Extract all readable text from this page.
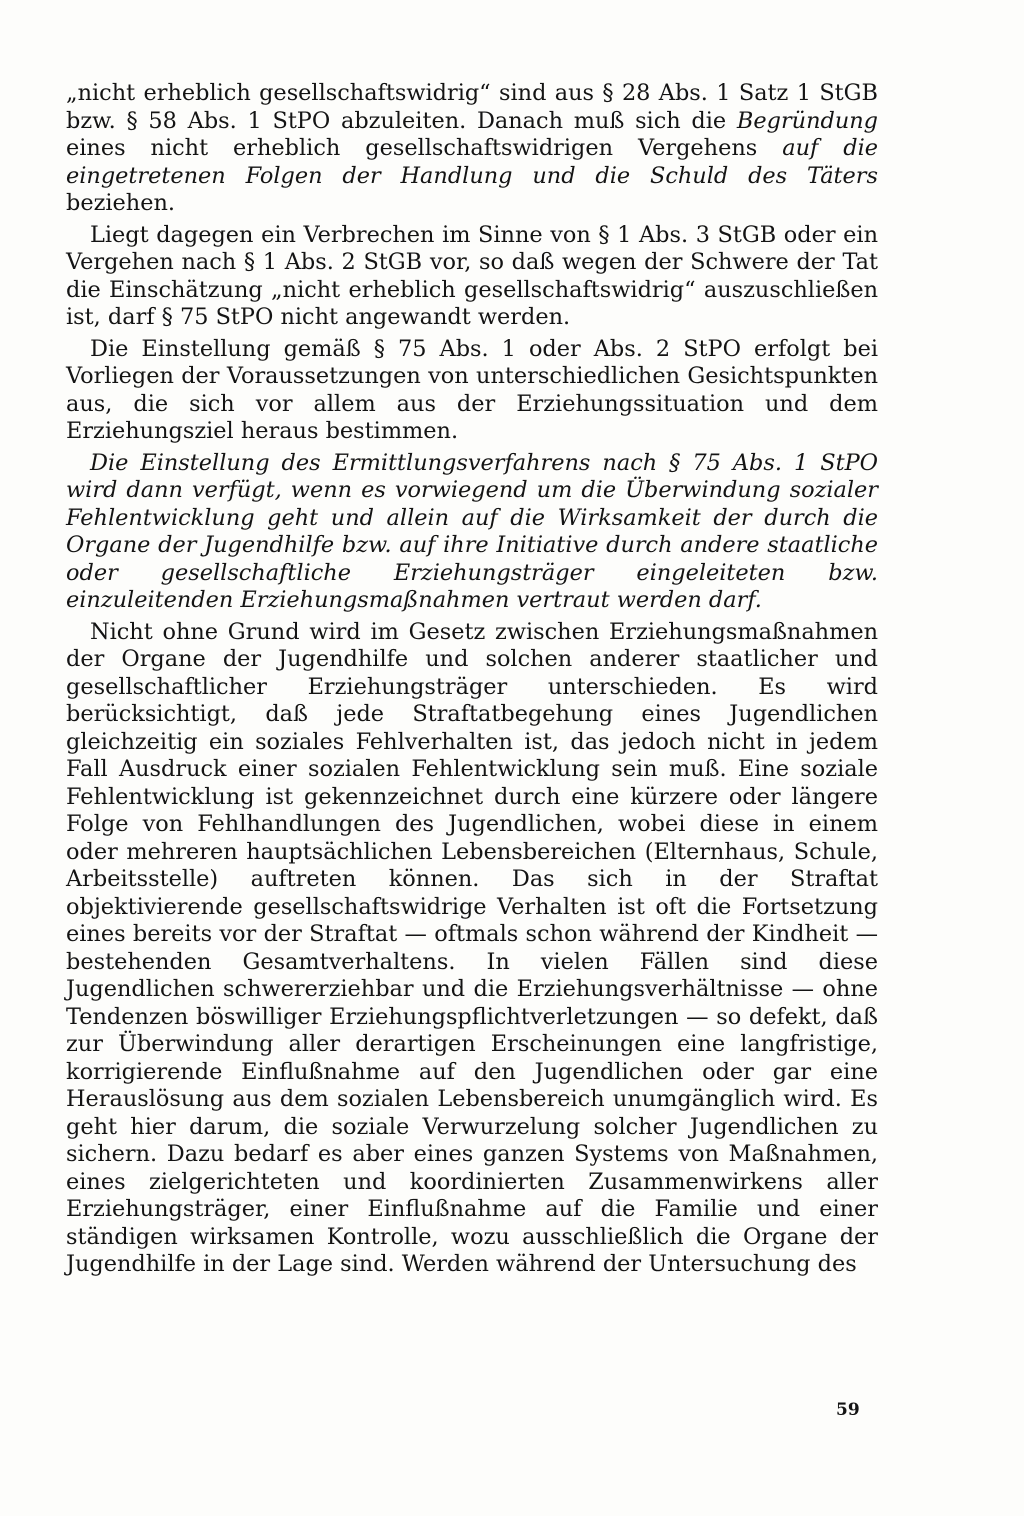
„nicht erheblich gesellschaftswidrig“ sind aus § 28 Abs. 1 Satz 1 StGB bzw. § 58 Abs. 1 StPO abzuleiten. Danach muß sich die Begründung eines nicht erheblich gesellschaftswidrigen Vergehens auf die eingetretenen Folgen der Handlung und die Schuld des Täters beziehen.

Liegt dagegen ein Verbrechen im Sinne von § 1 Abs. 3 StGB oder ein Vergehen nach § 1 Abs. 2 StGB vor, so daß wegen der Schwere der Tat die Einschätzung „nicht erheblich gesellschaftswidrig“ auszuschließen ist, darf § 75 StPO nicht angewandt werden.

Die Einstellung gemäß § 75 Abs. 1 oder Abs. 2 StPO erfolgt bei Vorliegen der Voraussetzungen von unterschiedlichen Gesichtspunkten aus, die sich vor allem aus der Erziehungssituation und dem Erziehungsziel heraus bestimmen.

Die Einstellung des Ermittlungsverfahrens nach § 75 Abs. 1 StPO wird dann verfügt, wenn es vorwiegend um die Überwindung sozialer Fehlentwicklung geht und allein auf die Wirksamkeit der durch die Organe der Jugendhilfe bzw. auf ihre Initiative durch andere staatliche oder gesellschaftliche Erziehungsträger eingeleiteten bzw. einzuleitenden Erziehungsmaßnahmen vertraut werden darf.

Nicht ohne Grund wird im Gesetz zwischen Erziehungsmaßnahmen der Organe der Jugendhilfe und solchen anderer staatlicher und gesellschaftlicher Erziehungsträger unterschieden. Es wird berücksichtigt, daß jede Straftatbegehung eines Jugendlichen gleichzeitig ein soziales Fehlverhalten ist, das jedoch nicht in jedem Fall Ausdruck einer sozialen Fehlentwicklung sein muß. Eine soziale Fehlentwicklung ist gekennzeichnet durch eine kürzere oder längere Folge von Fehlhandlungen des Jugendlichen, wobei diese in einem oder mehreren hauptsächlichen Lebensbereichen (Elternhaus, Schule, Arbeitsstelle) auftreten können. Das sich in der Straftat objektivierende gesellschaftswidrige Verhalten ist oft die Fortsetzung eines bereits vor der Straftat — oftmals schon während der Kindheit — bestehenden Gesamtverhaltens. In vielen Fällen sind diese Jugendlichen schwererziehbar und die Erziehungsverhältnisse — ohne Tendenzen böswilliger Erziehungspflichtverletzungen — so defekt, daß zur Überwindung aller derartigen Erscheinungen eine langfristige, korrigierende Einflußnahme auf den Jugendlichen oder gar eine Herauslösung aus dem sozialen Lebensbereich unumgänglich wird. Es geht hier darum, die soziale Verwurzelung solcher Jugendlichen zu sichern. Dazu bedarf es aber eines ganzen Systems von Maßnahmen, eines zielgerichteten und koordinierten Zusammenwirkens aller Erziehungsträger, einer Einflußnahme auf die Familie und einer ständigen wirksamen Kontrolle, wozu ausschließlich die Organe der Jugendhilfe in der Lage sind. Werden während der Untersuchung des

59
